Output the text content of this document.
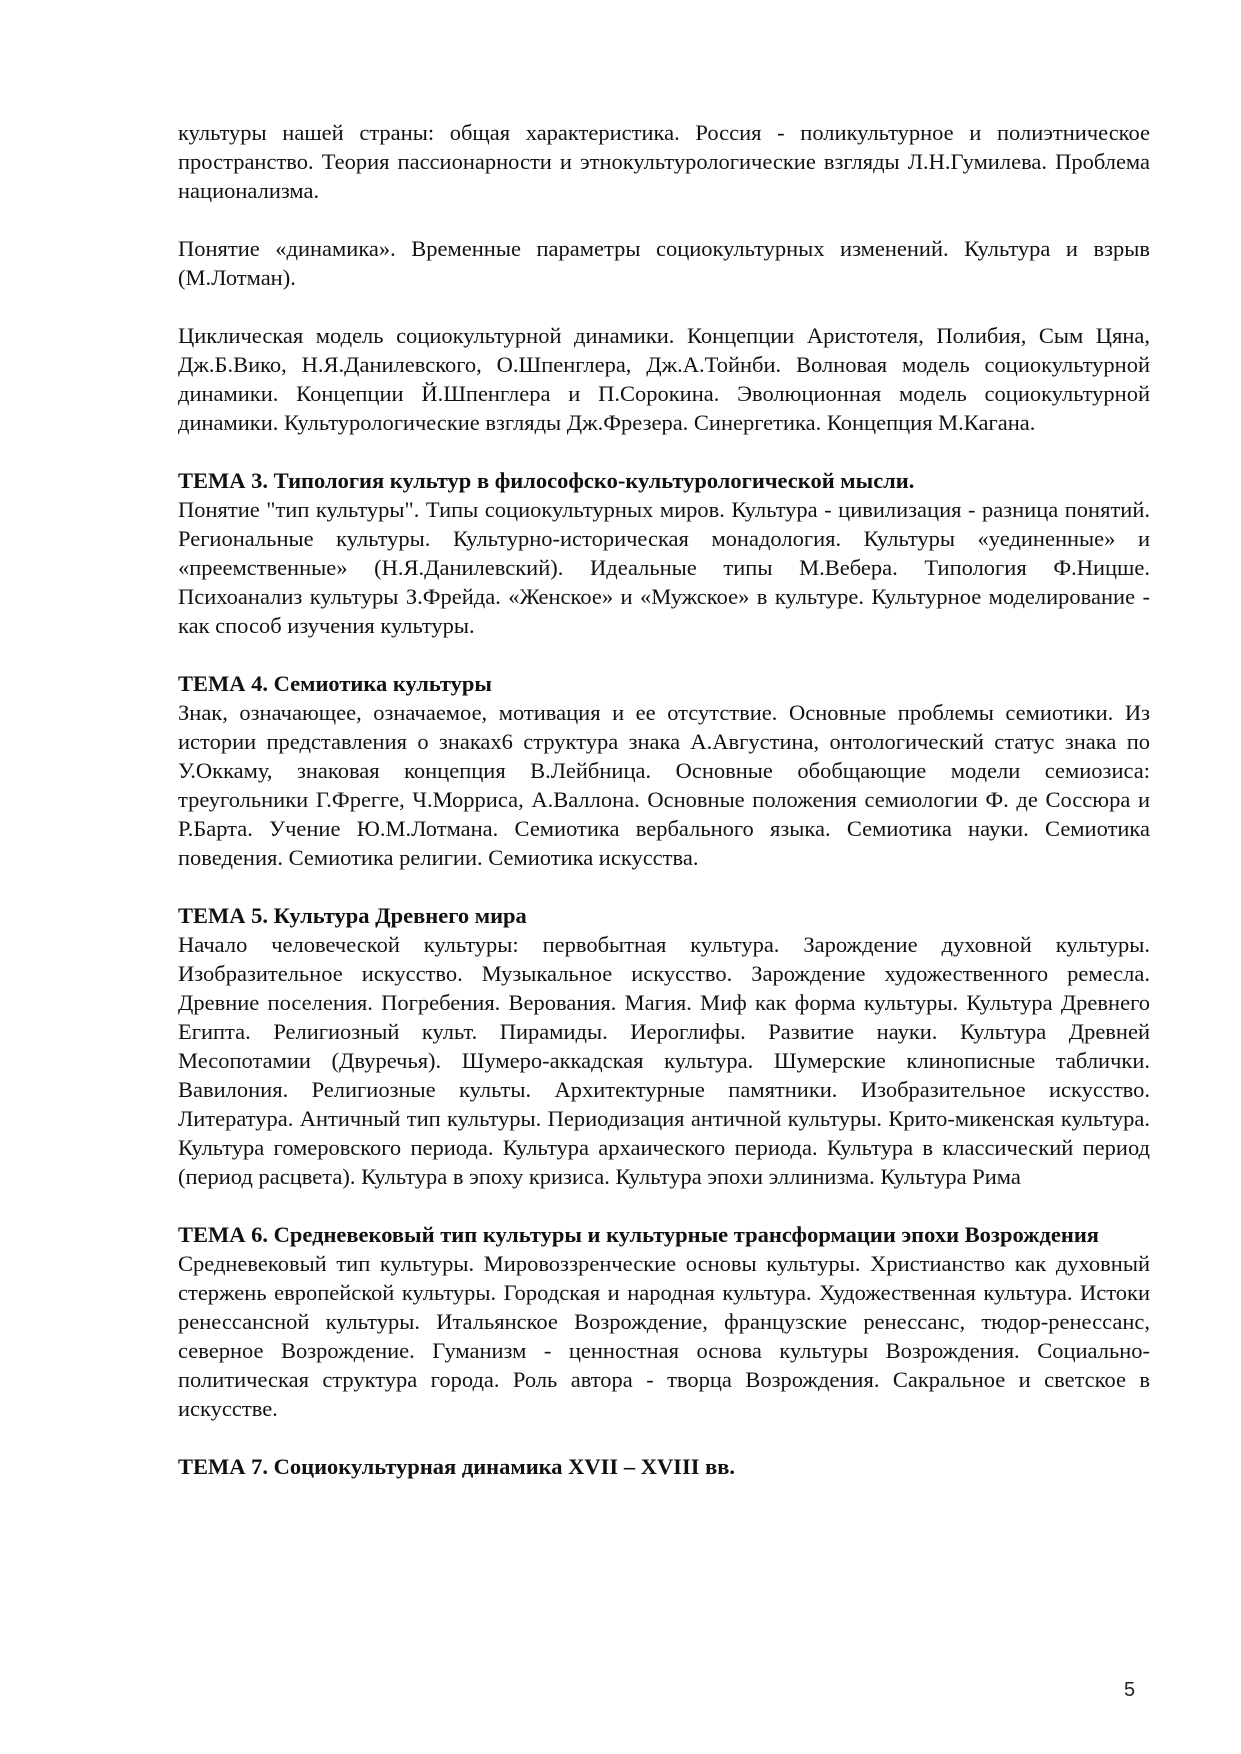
культуры нашей страны: общая характеристика. Россия - поликультурное и полиэтническое пространство. Теория пассионарности и этнокультурологические взгляды Л.Н.Гумилева. Проблема национализма.

Понятие «динамика». Временные параметры социокультурных изменений. Культура и взрыв (М.Лотман).

Циклическая модель социокультурной динамики. Концепции Аристотеля, Полибия, Сым Цяна, Дж.Б.Вико, Н.Я.Данилевского, О.Шпенглера, Дж.А.Тойнби. Волновая модель социокультурной динамики. Концепции Й.Шпенглера и П.Сорокина. Эволюционная модель социокультурной динамики. Культурологические взгляды Дж.Фрезера. Синергетика. Концепция М.Кагана.

ТЕМА 3. Типология культур в философско-культурологической мысли.

Понятие "тип культуры". Типы социокультурных миров. Культура - цивилизация - разница понятий. Региональные культуры. Культурно-историческая монадология. Культуры «уединенные» и «преемственные» (Н.Я.Данилевский). Идеальные типы М.Вебера. Типология Ф.Ницше. Психоанализ культуры З.Фрейда. «Женское» и «Мужское» в культуре. Культурное моделирование - как способ изучения культуры.

ТЕМА 4. Семиотика культуры

Знак, означающее, означаемое, мотивация и ее отсутствие. Основные проблемы семиотики. Из истории представления о знаках6 структура знака А.Августина, онтологический статус знака по У.Оккаму, знаковая концепция В.Лейбница. Основные обобщающие модели семиозиса: треугольники Г.Фрегге, Ч.Морриса, А.Валлона. Основные положения семиологии Ф. де Соссюра и Р.Барта. Учение Ю.М.Лотмана. Семиотика вербального языка. Семиотика науки. Семиотика поведения. Семиотика религии. Семиотика искусства.

ТЕМА 5. Культура Древнего мира

Начало человеческой культуры: первобытная культура. Зарождение духовной культуры. Изобразительное искусство. Музыкальное искусство. Зарождение художественного ремесла. Древние поселения. Погребения. Верования. Магия. Миф как форма культуры. Культура Древнего Египта. Религиозный культ. Пирамиды. Иероглифы. Развитие науки. Культура Древней Месопотамии (Двуречья). Шумеро-аккадская культура. Шумерские клинописные таблички. Вавилония. Религиозные культы. Архитектурные памятники. Изобразительное искусство. Литература. Античный тип культуры. Периодизация античной культуры. Крито-микенская культура. Культура гомеровского периода. Культура архаического периода. Культура в классический период (период расцвета). Культура в эпоху кризиса. Культура эпохи эллинизма. Культура Рима

ТЕМА 6. Средневековый тип культуры и культурные трансформации эпохи Возрождения

Средневековый тип культуры. Мировоззренческие основы культуры. Христианство как духовный стержень европейской культуры. Городская и народная культура. Художественная культура. Истоки ренессансной культуры. Итальянское Возрождение, французские ренессанс, тюдор-ренессанс, северное Возрождение. Гуманизм - ценностная основа культуры Возрождения. Социально-политическая структура города. Роль автора - творца Возрождения. Сакральное и светское в искусстве.

ТЕМА 7. Социокультурная динамика XVII – XVIII вв.

5
